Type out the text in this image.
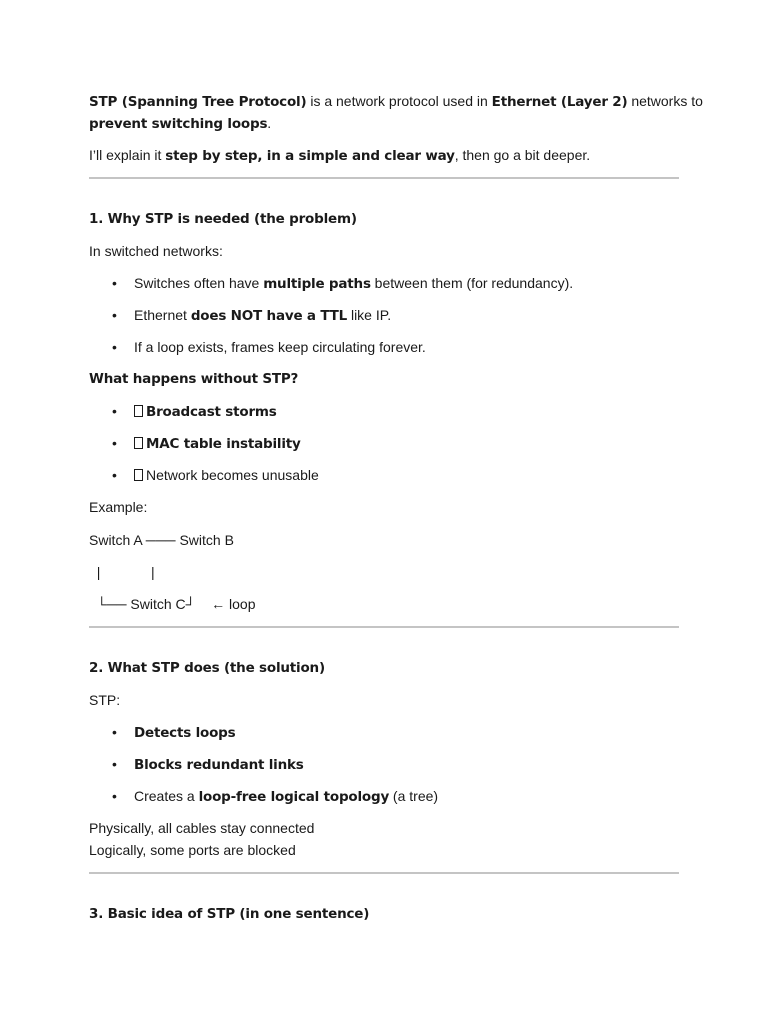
STP (Spanning Tree Protocol) is a network protocol used in Ethernet (Layer 2) networks to
prevent switching loops.
I’ll explain it step by step, in a simple and clear way, then go a bit deeper.
1. Why STP is needed (the problem)
In switched networks:
• Switches often have multiple paths between them (for redundancy).
• Ethernet does NOT have a TTL like IP.
• If a loop exists, frames keep circulating forever.
What happens without STP?
• Broadcast storms
• MAC table instability
• Network becomes unusable
Example:
Switch A ─── Switch B
|             |
└── Switch C┘    ← loop
2. What STP does (the solution)
STP:
• Detects loops
• Blocks redundant links
• Creates a loop-free logical topology (a tree)
Physically, all cables stay connected
Logically, some ports are blocked
3. Basic idea of STP (in one sentence)
